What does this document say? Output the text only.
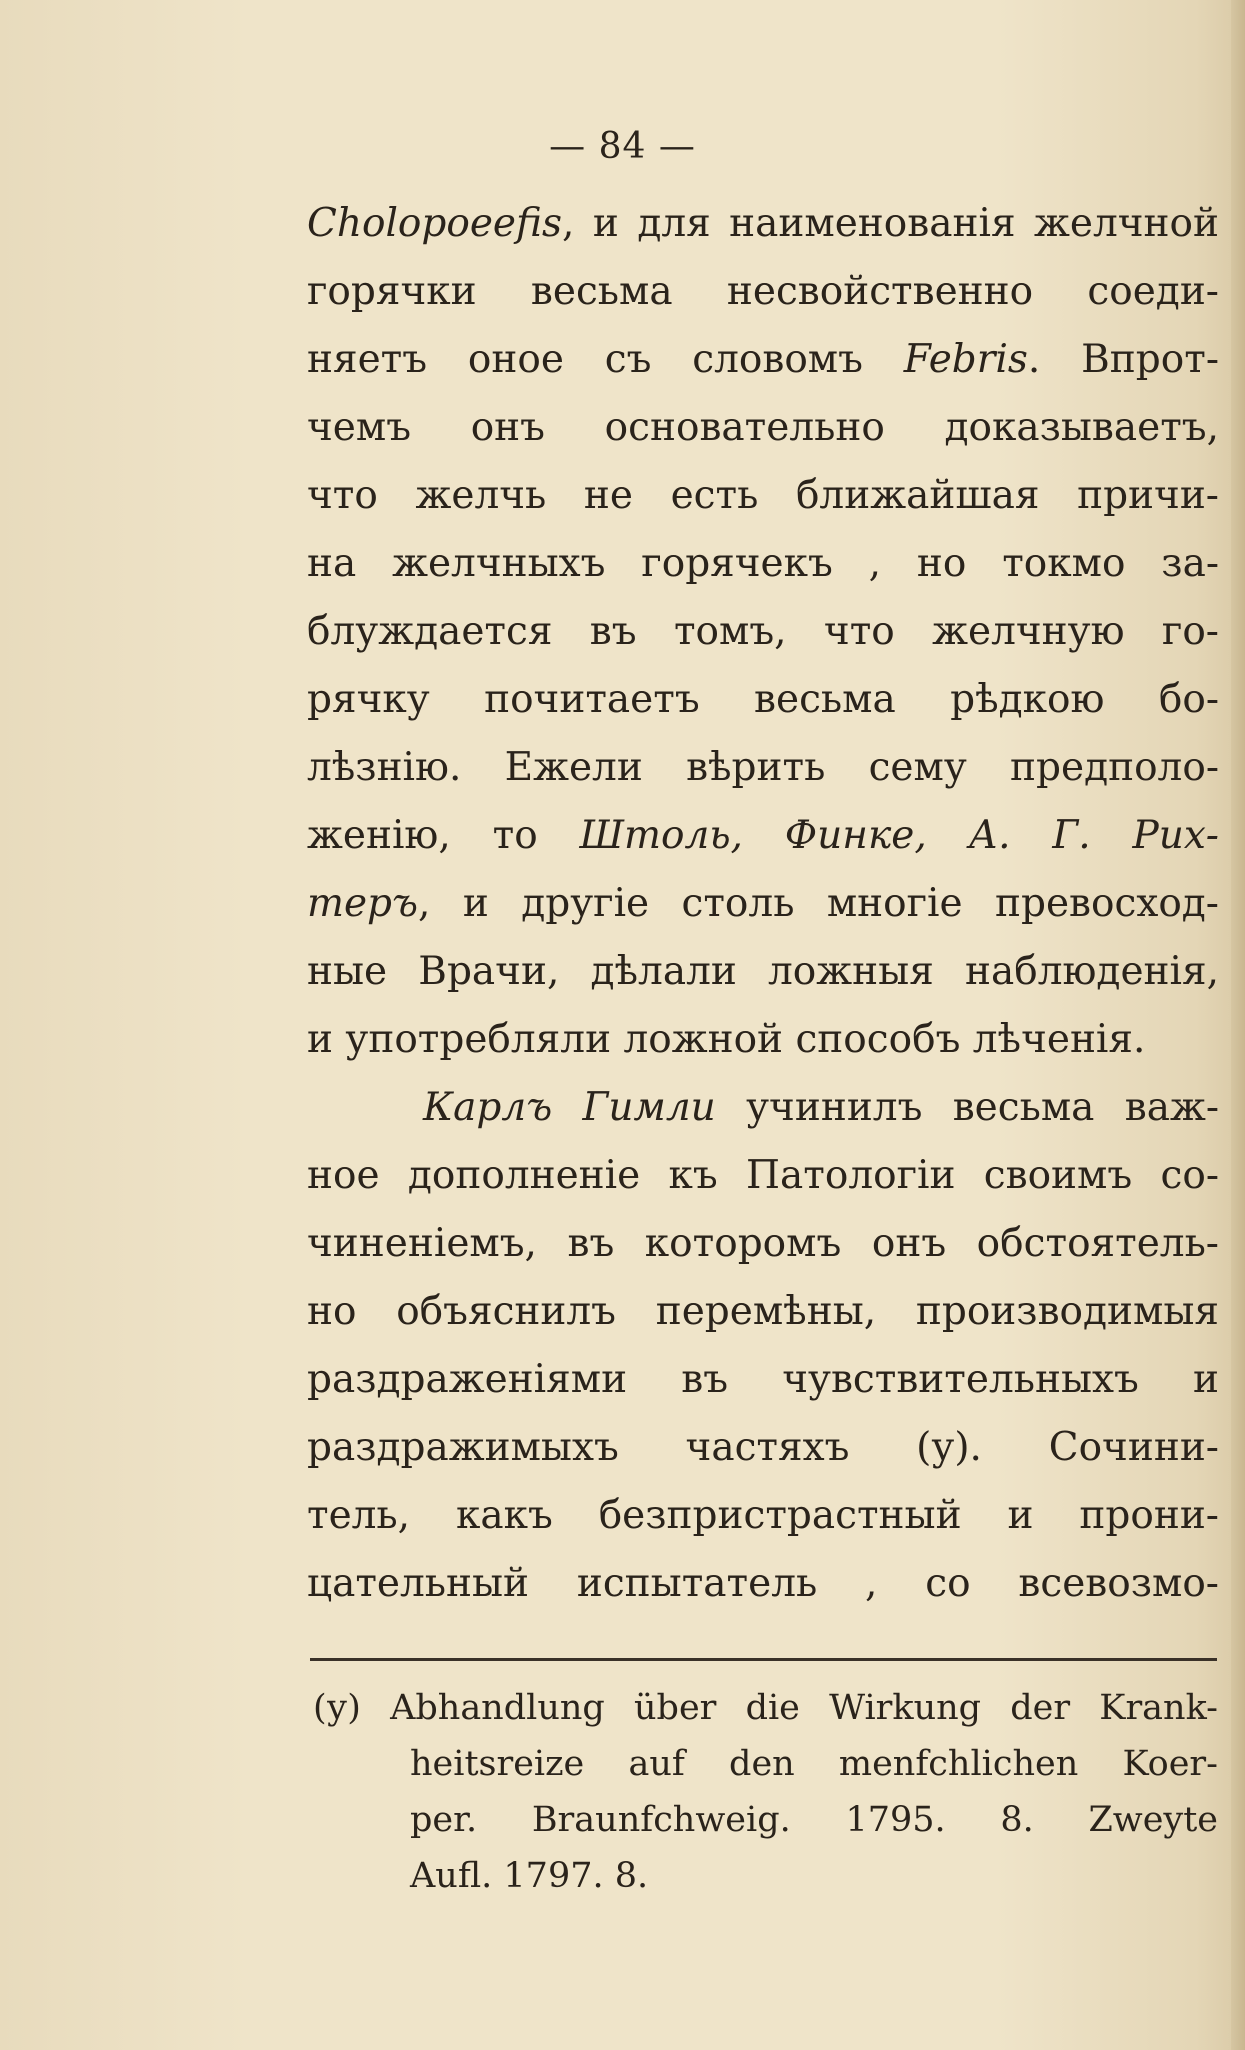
— 84 —
Choloроеefis, и для наименованія желчной
горячки весьма несвойственно соеди-
няетъ оное съ словомъ Febris. Впрот-
чемъ онъ основательно доказываетъ,
что желчь не есть ближайшая причи-
на желчныхъ горячекъ , но токмо за-
блуждается въ томъ, что желчную го-
рячку почитаетъ весьма рѣдкою бо-
лѣзнію. Ежели вѣрить сему предполо-
женію, то Штоль, Финке, А. Г. Рих-
теръ, и другіе столь многіе превосход-
ные Врачи, дѣлали ложныя наблюденія,
и употребляли ложной способъ лѣченія.
Карлъ Гимли учинилъ весьма важ-
ное дополненіе къ Патологіи своимъ со-
чиненіемъ, въ которомъ онъ обстоятель-
но объяснилъ перемѣны, производимыя
раздраженіями въ чувствительныхъ и
раздражимыхъ частяхъ (у). Сочини-
тель, какъ безпристрастный и прони-
цательный испытатель , со всевозмо-
(у) Abhandlung über die Wirkung der Krank-
heitsreize auf den menfchlichen Koer-
per. Braunfchweig. 1795. 8. Zweyte
Aufl. 1797. 8.
